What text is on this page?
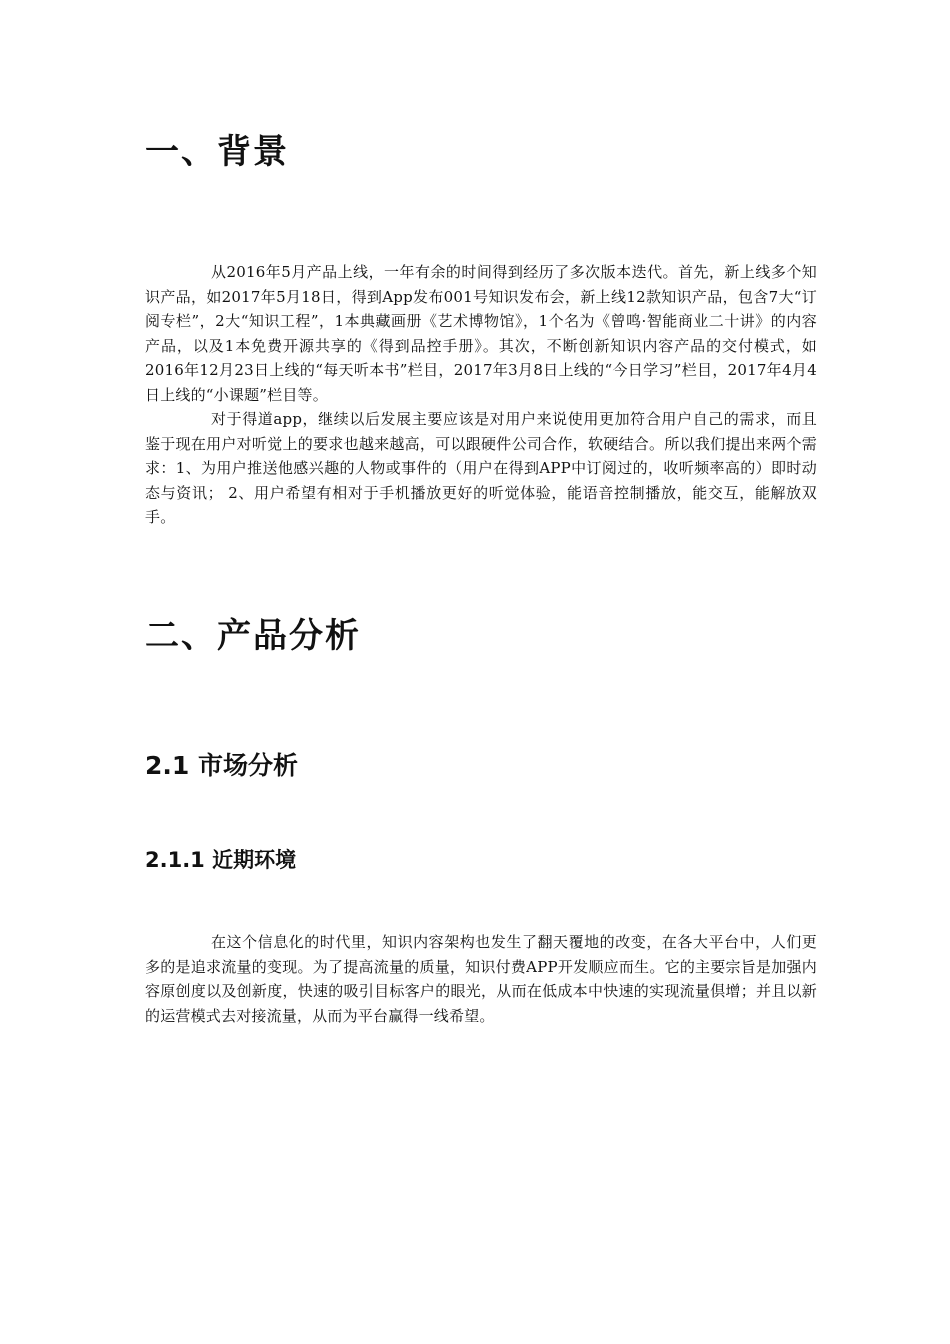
一、背景

从2016年5月产品上线，一年有余的时间得到经历了多次版本迭代。首先，新上线多个知识产品，如2017年5月18日，得到App发布001号知识发布会，新上线12款知识产品，包含7大“订阅专栏”，2大“知识工程”，1本典藏画册《艺术博物馆》，1个名为《曾鸣·智能商业二十讲》的内容产品，以及1本免费开源共享的《得到品控手册》。其次，不断创新知识内容产品的交付模式，如2016年12月23日上线的“每天听本书”栏目，2017年3月8日上线的“今日学习”栏目，2017年4月4日上线的“小课题”栏目等。

对于得道app，继续以后发展主要应该是对用户来说使用更加符合用户自己的需求，而且鉴于现在用户对听觉上的要求也越来越高，可以跟硬件公司合作，软硬结合。所以我们提出来两个需求：1、为用户推送他感兴趣的人物或事件的（用户在得到APP中订阅过的，收听频率高的）即时动态与资讯； 2、用户希望有相对于手机播放更好的听觉体验，能语音控制播放，能交互，能解放双手。

二、产品分析
2.1 市场分析
2.1.1 近期环境

在这个信息化的时代里，知识内容架构也发生了翻天覆地的改变，在各大平台中，人们更多的是追求流量的变现。为了提高流量的质量，知识付费APP开发顺应而生。它的主要宗旨是加强内容原创度以及创新度，快速的吸引目标客户的眼光，从而在低成本中快速的实现流量倶增；并且以新的运营模式去对接流量，从而为平台赢得一线希望。
